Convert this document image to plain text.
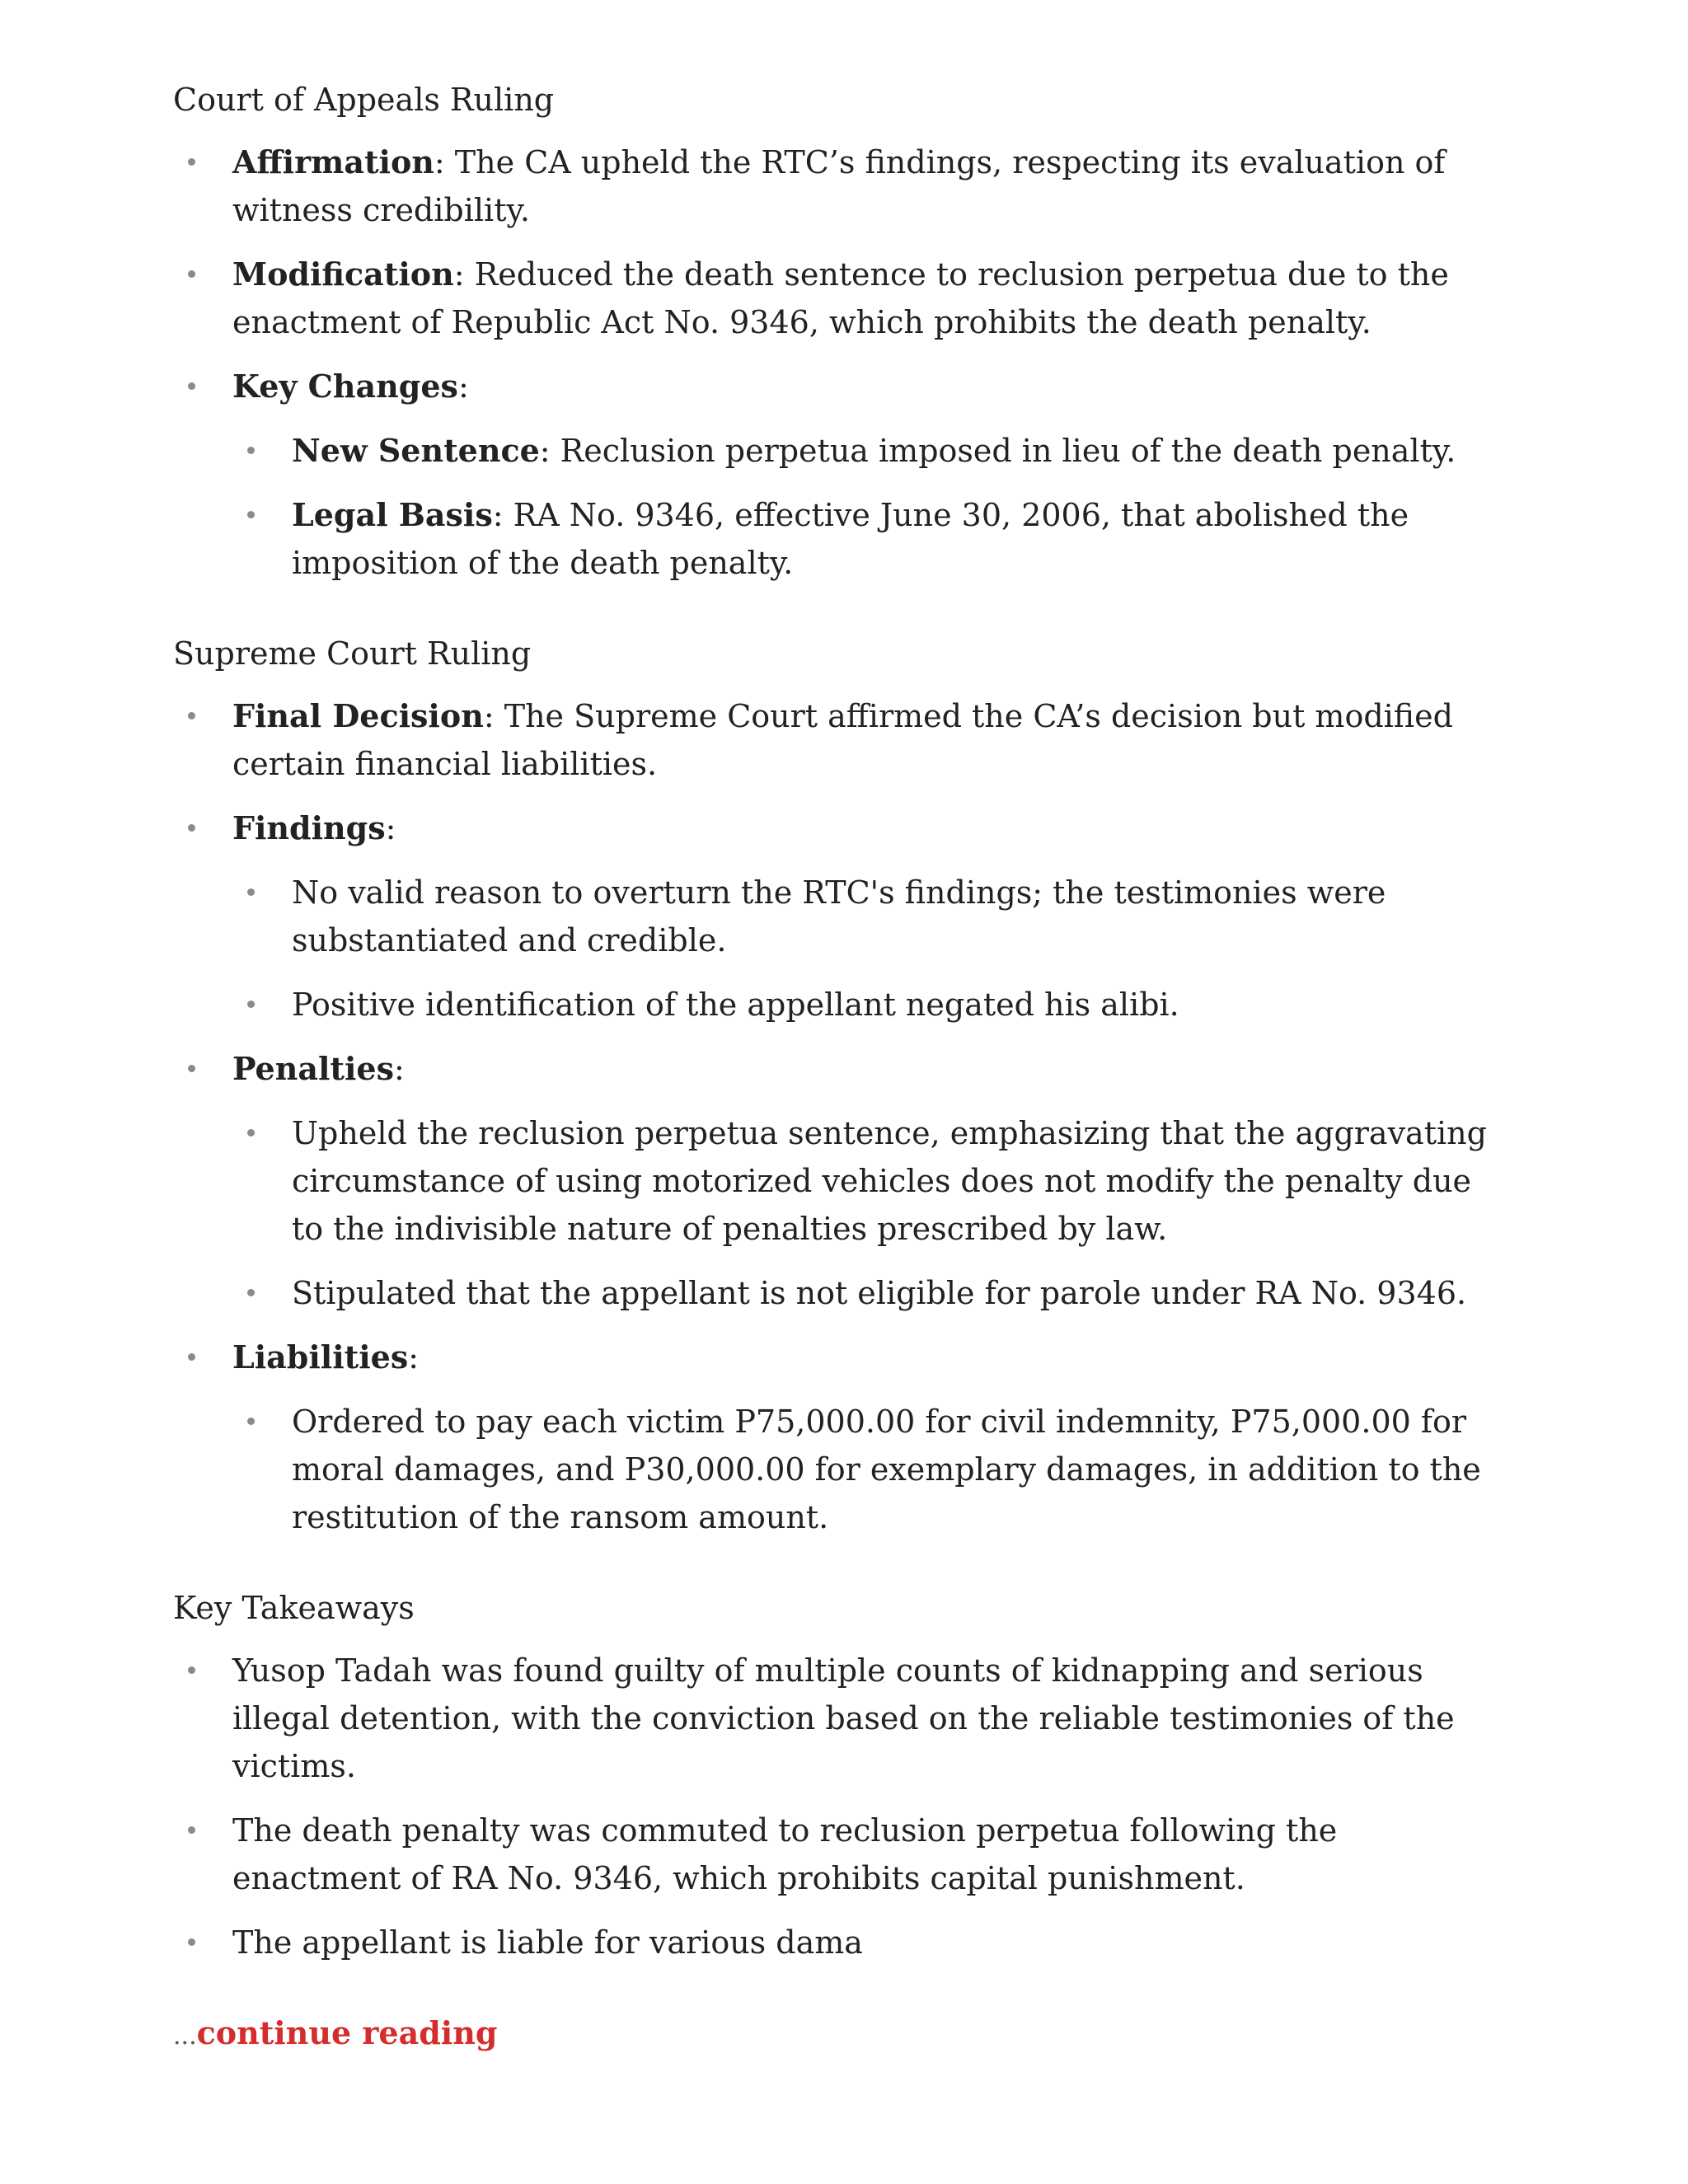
Court of Appeals Ruling
Affirmation: The CA upheld the RTC’s findings, respecting its evaluation of witness credibility.
Modification: Reduced the death sentence to reclusion perpetua due to the enactment of Republic Act No. 9346, which prohibits the death penalty.
Key Changes:
New Sentence: Reclusion perpetua imposed in lieu of the death penalty.
Legal Basis: RA No. 9346, effective June 30, 2006, that abolished the imposition of the death penalty.
Supreme Court Ruling
Final Decision: The Supreme Court affirmed the CA’s decision but modified certain financial liabilities.
Findings:
No valid reason to overturn the RTC's findings; the testimonies were substantiated and credible.
Positive identification of the appellant negated his alibi.
Penalties:
Upheld the reclusion perpetua sentence, emphasizing that the aggravating circumstance of using motorized vehicles does not modify the penalty due to the indivisible nature of penalties prescribed by law.
Stipulated that the appellant is not eligible for parole under RA No. 9346.
Liabilities:
Ordered to pay each victim P75,000.00 for civil indemnity, P75,000.00 for moral damages, and P30,000.00 for exemplary damages, in addition to the restitution of the ransom amount.
Key Takeaways
Yusop Tadah was found guilty of multiple counts of kidnapping and serious illegal detention, with the conviction based on the reliable testimonies of the victims.
The death penalty was commuted to reclusion perpetua following the enactment of RA No. 9346, which prohibits capital punishment.
The appellant is liable for various dama
...continue reading
